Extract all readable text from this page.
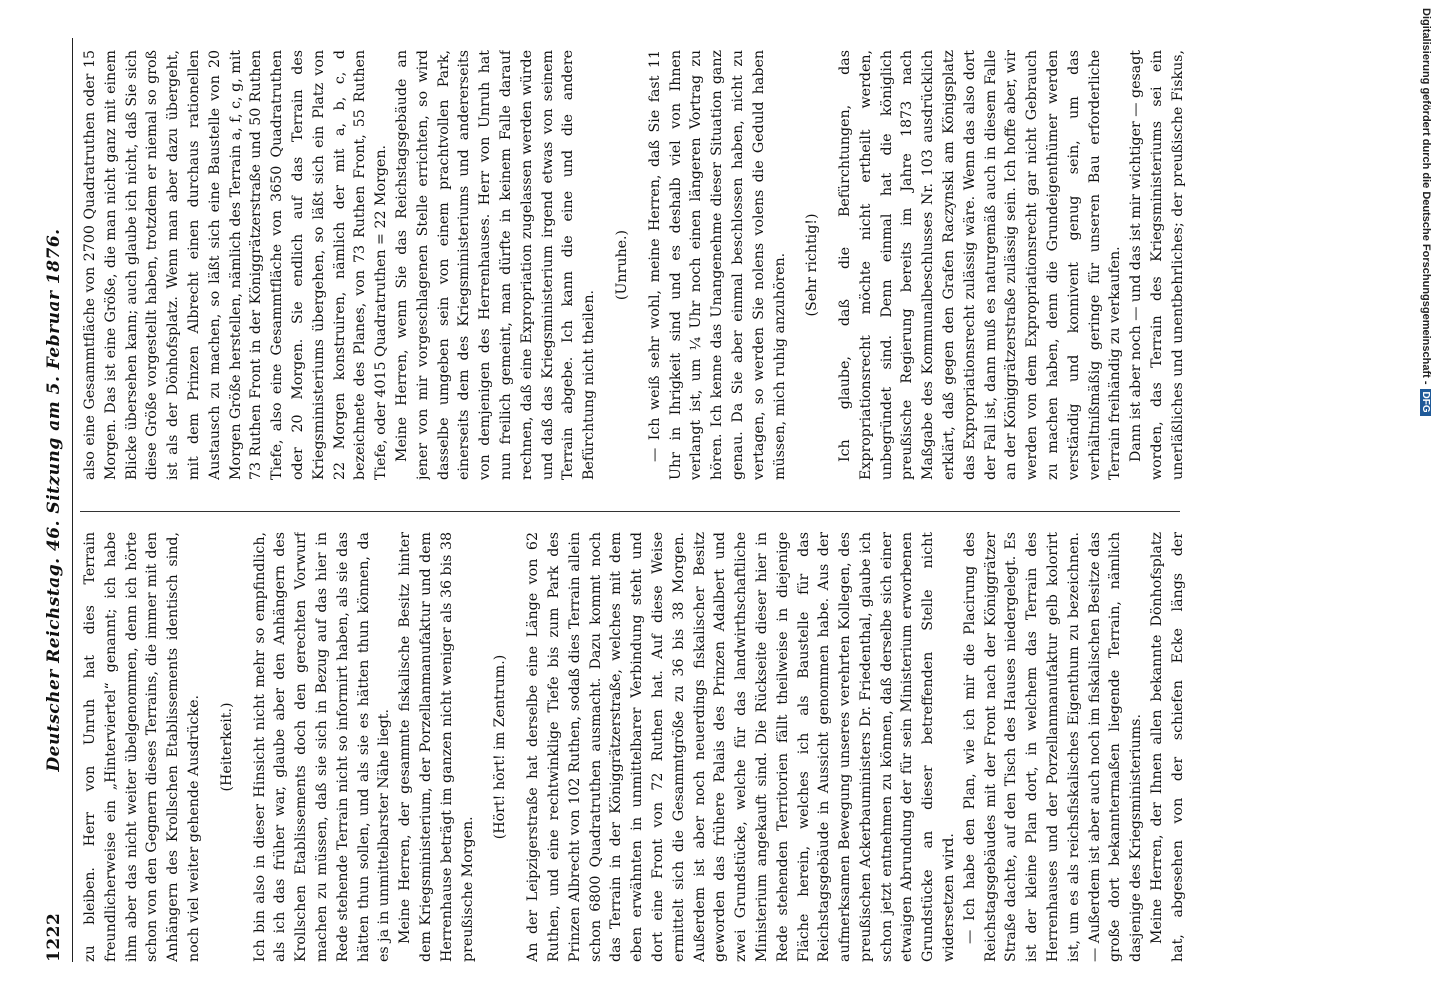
1222
Deutscher Reichstag. 46. Sitzung am 5. Februar 1876. zu bleiben. Herr von Unruh hat dies Terrain freundlicherweise ein „Hinterviertel“ genannt; ich habe ihm aber das nicht weiter übelgenommen, denn ich hörte schon von den Gegnern dieses Terrains, die immer mit den Anhängern des Krollschen Etablissements identisch sind, noch viel weiter gehende Ausdrücke. (Heiterkeit.) Ich bin also in dieser Hinsicht nicht mehr so empfindlich, als ich das früher war, glaube aber den Anhängern des Krollschen Etablissements doch den gerechten Vorwurf machen zu müssen, daß sie sich in Bezug auf das hier in Rede stehende Terrain nicht so informirt haben, als sie das hätten thun sollen, und als sie es hätten thun können, da es ja in unmittelbarster Nähe liegt. Meine Herren, der gesammte fiskalische Besitz hinter dem Kriegsministerium, der Porzellanmanufaktur und dem Herrenhause beträgt im ganzen nicht weniger als 36 bis 38 preußische Morgen.

(Hört! hört! im Zentrum.) An der Leipzigerstraße hat derselbe eine Länge von 62 Ruthen, und eine rechtwinklige Tiefe bis zum Park des Prinzen Albrecht von 102 Ruthen, sodaß dies Terrain allein schon 6800 Quadratruthen ausmacht. Dazu kommt noch das Terrain in der Königgrätzerstraße, welches mit dem eben erwähnten in unmittelbarer Verbindung steht und dort eine Front von 72 Ruthen hat. Auf diese Weise ermittelt sich die Gesammtgröße zu 36 bis 38 Morgen. Außerdem ist aber noch neuerdings fiskalischer Besitz geworden das frühere Palais des Prinzen Adalbert und zwei Grundstücke, welche für das landwirthschaftliche Ministerium angekauft sind. Die Rückseite dieser hier in Rede stehenden Territorien fällt theilweise in diejenige Fläche herein, welches ich als Baustelle für das Reichstagsgebäude in Aussicht genommen habe. Aus der aufmerksamen Bewegung unseres verehrten Kollegen, des preußischen Ackerbauministers Dr. Friedenthal, glaube ich schon jetzt entnehmen zu können, daß derselbe sich einer etwaigen Abrundung der für sein Ministerium erworbenen Grundstücke an dieser betreffenden Stelle nicht widersetzen wird. — Ich habe den Plan, wie ich mir die Placirung des Reichstagsgebäudes mit der Front nach der Königgrätzer Straße dachte, auf den Tisch des Hauses niedergelegt. Es ist der kleine Plan dort, in welchem das Terrain des Herrenhauses und der Porzellanmanufaktur gelb kolorirt ist, um es als reichsfiskalisches Eigenthum zu bezeichnen. — Außerdem ist aber auch noch im fiskalischen Besitze das große dort bekanntermaßen liegende Terrain, nämlich dasjenige des Kriegsministeriums. Meine Herren, der Ihnen allen bekannte Dönhofsplatz hat, abgesehen von der schiefen Ecke längs der

also eine Gesammtfläche von 2700 Quadratruthen oder 15 Morgen. Das ist eine Größe, die man nicht ganz mit einem Blicke übersehen kann; auch glaube ich nicht, daß Sie sich diese Größe vorgestellt haben, trotzdem er niemal so groß ist als der Dönhofsplatz. Wenn man aber dazu übergeht, mit dem Prinzen Albrecht einen durchaus rationellen Austausch zu machen, so läßt sich eine Baustelle von 20 Morgen Größe herstellen, nämlich des Terrain a, f, c, g, mit 73 Ruthen Front in der Königgrätzerstraße und 50 Ruthen Tiefe, also eine Gesammtfläche von 3650 Quadratruthen oder 20 Morgen. Sie endlich auf das Terrain des Kriegsministeriums übergehen, so läßt sich ein Platz von 22 Morgen konstruiren, nämlich der mit a, b, c, d bezeichnete des Planes, von 73 Ruthen Front, 55 Ruthen Tiefe, oder 4015 Quadratruthen = 22 Morgen. Meine Herren, wenn Sie das Reichstagsgebäude an jener von mir vorgeschlagenen Stelle errichten, so wird dasselbe umgeben sein von einem prachtvollen Park, einerseits dem des Kriegsministeriums und andererseits von demjenigen des Herrenhauses. Herr von Unruh hat nun freilich gemeint, man dürfte in keinem Falle darauf rechnen, daß eine Expropriation zugelassen werden würde und daß das Kriegsministerium irgend etwas von seinem Terrain abgebe. Ich kann die eine und die andere Befürchtung nicht theilen.

(Unruhe.) — Ich weiß sehr wohl, meine Herren, daß Sie fast 11 Uhr in Ihrigkeit sind und es deshalb viel von Ihnen verlangt ist, um ¼ Uhr noch einen längeren Vortrag zu hören. Ich kenne das Unangenehme dieser Situation ganz genau. Da Sie aber einmal beschlossen haben, nicht zu vertagen, so werden Sie nolens volens die Geduld haben müssen, mich ruhig anzuhören. (Sehr richtig!) Ich glaube, daß die Befürchtungen, das Expropriationsrecht möchte nicht ertheilt werden, unbegründet sind. Denn einmal hat die königlich preußische Regierung bereits im Jahre 1873 nach Maßgabe des Kommunalbeschlusses Nr. 103 ausdrücklich erklärt, daß gegen den Grafen Raczynski am Königsplatz das Expropriationsrecht zulässig wäre. Wenn das also dort der Fall ist, dann muß es naturgemäß auch in diesem Falle an der Königgrätzerstraße zulässig sein. Ich hoffe aber, wir werden von dem Expropriationsrecht gar nicht Gebrauch zu machen haben, denn die Grundeigenthümer werden verständig und konnivent genug sein, um das verhältnißmäßig geringe für unseren Bau erforderliche Terrain freihändig zu verkaufen. Dann ist aber noch — und das ist mir wichtiger — gesagt worden, das Terrain des Kriegsministeriums sei ein unerläßliches und unentbehrliches; der preußische Fiskus,	Digitalisierung gefördert durch die Deutsche Forschungsgemeinschaft -DFG
